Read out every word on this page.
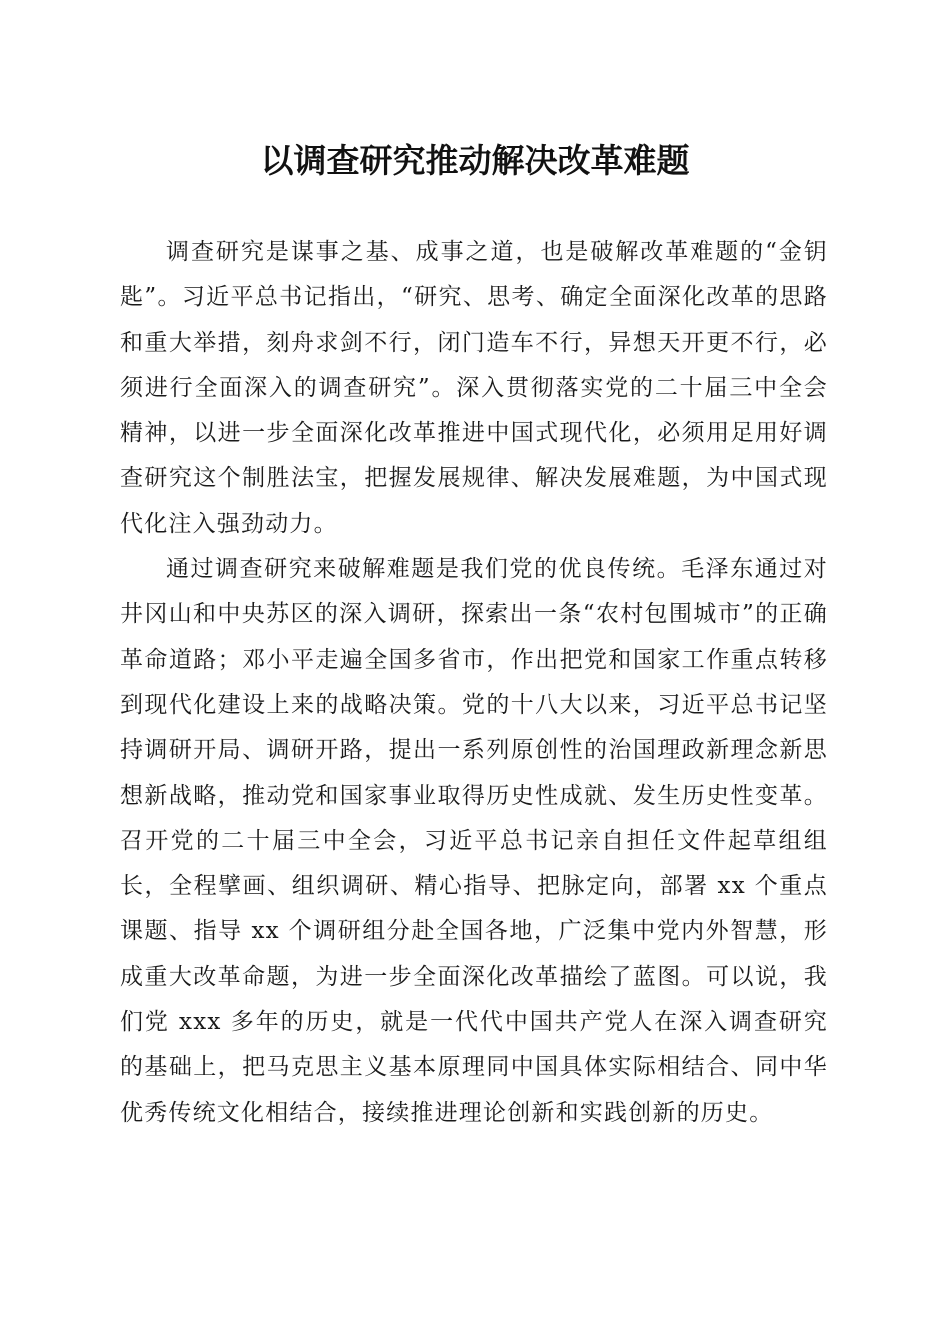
以调查研究推动解决改革难题

调查研究是谋事之基、成事之道，也是破解改革难题的“金钥匙”。习近平总书记指出，“研究、思考、确定全面深化改革的思路和重大举措，刻舟求剑不行，闭门造车不行，异想天开更不行，必须进行全面深入的调查研究”。深入贯彻落实党的二十届三中全会精神，以进一步全面深化改革推进中国式现代化，必须用足用好调查研究这个制胜法宝，把握发展规律、解决发展难题，为中国式现代化注入强劲动力。

通过调查研究来破解难题是我们党的优良传统。毛泽东通过对井冈山和中央苏区的深入调研，探索出一条“农村包围城市”的正确革命道路；邓小平走遍全国多省市，作出把党和国家工作重点转移到现代化建设上来的战略决策。党的十八大以来，习近平总书记坚持调研开局、调研开路，提出一系列原创性的治国理政新理念新思想新战略，推动党和国家事业取得历史性成就、发生历史性变革。召开党的二十届三中全会，习近平总书记亲自担任文件起草组组长，全程擘画、组织调研、精心指导、把脉定向，部署 xx 个重点课题、指导 xx 个调研组分赴全国各地，广泛集中党内外智慧，形成重大改革命题，为进一步全面深化改革描绘了蓝图。可以说，我们党 xxx 多年的历史，就是一代代中国共产党人在深入调查研究的基础上，把马克思主义基本原理同中国具体实际相结合、同中华优秀传统文化相结合，接续推进理论创新和实践创新的历史。
